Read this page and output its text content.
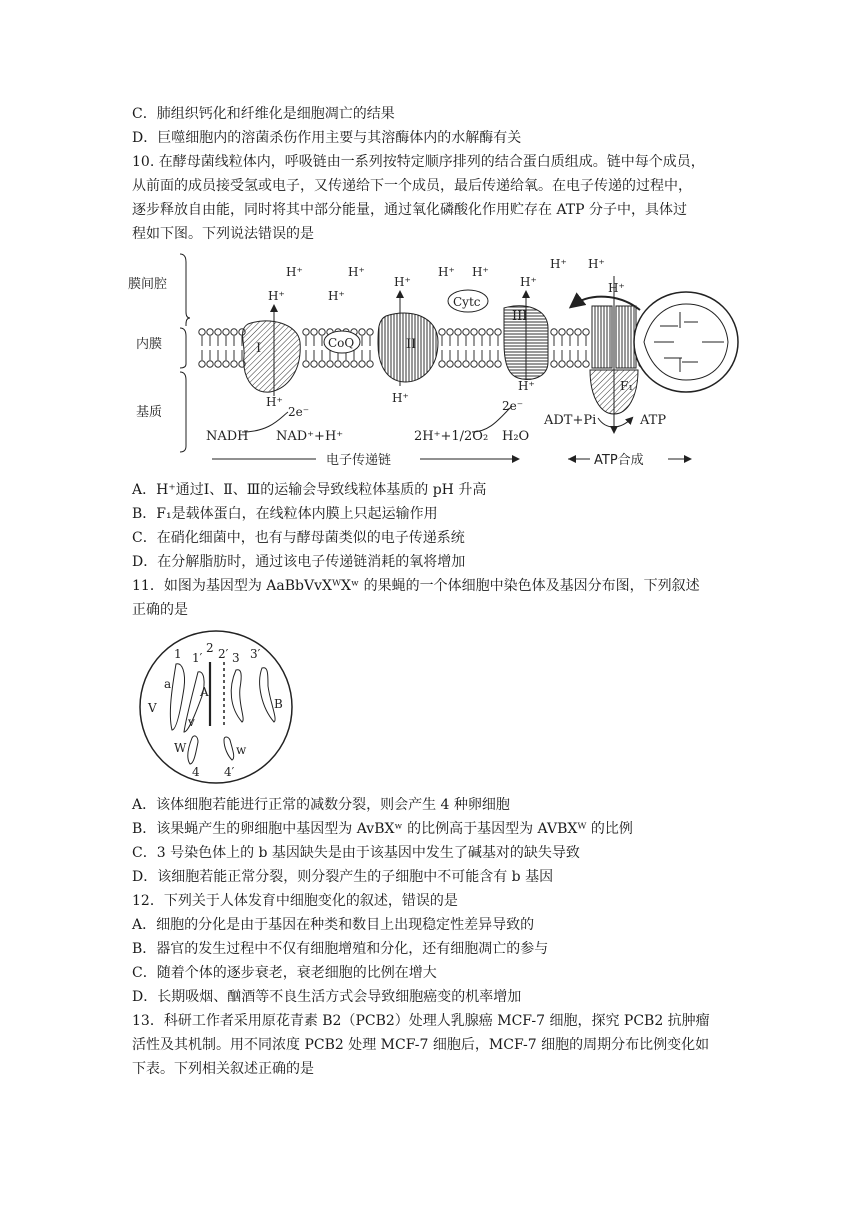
C．肺组织钙化和纤维化是细胞凋亡的结果
D．巨噬细胞内的溶菌杀伤作用主要与其溶酶体内的水解酶有关
10. 在酵母菌线粒体内，呼吸链由一系列按特定顺序排列的结合蛋白质组成。链中每个成员，
从前面的成员接受氢或电子，又传递给下一个成员，最后传递给氧。在电子传递的过程中，
逐步释放自由能，同时将其中部分能量，通过氧化磷酸化作用贮存在 ATP 分子中，具体过
程如下图。下列说法错误的是
膜间腔
内膜
基质
I	CoQ	II
Cytc
III
F₁
H⁺	H⁺
H⁺	H⁺
H⁺
H⁺ H⁺
H⁺
H⁺ H⁺
H⁺
H⁺	H⁺
H⁺
2e⁻	2e⁻
NADH NAD⁺+H⁺	2H⁺+1/2O₂ H₂O
ADT+Pi	ATP
电子传递链	ATP合成
A．H⁺通过Ⅰ、Ⅱ、Ⅲ的运输会导致线粒体基质的 pH 升高
B．F₁是载体蛋白，在线粒体内膜上只起运输作用
C．在硝化细菌中，也有与酵母菌类似的电子传递系统
D．在分解脂肪时，通过该电子传递链消耗的氧将增加
11．如图为基因型为 AaBbVvXᵂXʷ 的果蝇的一个体细胞中染色体及基因分布图，下列叙述
正确的是
1 1′
2 2′ 3 3′
4 4′
a
A
V
v
B
W	w
A．该体细胞若能进行正常的减数分裂，则会产生 4 种卵细胞
B．该果蝇产生的卵细胞中基因型为 AvBXʷ 的比例高于基因型为 AVBXᵂ 的比例
C．3 号染色体上的 b 基因缺失是由于该基因中发生了碱基对的缺失导致
D．该细胞若能正常分裂，则分裂产生的子细胞中不可能含有 b 基因
12．下列关于人体发育中细胞变化的叙述，错误的是
A．细胞的分化是由于基因在种类和数目上出现稳定性差异导致的
B．器官的发生过程中不仅有细胞增殖和分化，还有细胞凋亡的参与
C．随着个体的逐步衰老，衰老细胞的比例在增大
D．长期吸烟、酗酒等不良生活方式会导致细胞癌变的机率增加
13．科研工作者采用原花青素 B2（PCB2）处理人乳腺癌 MCF-7 细胞，探究 PCB2 抗肿瘤
活性及其机制。用不同浓度 PCB2 处理 MCF-7 细胞后，MCF-7 细胞的周期分布比例变化如
下表。下列相关叙述正确的是
